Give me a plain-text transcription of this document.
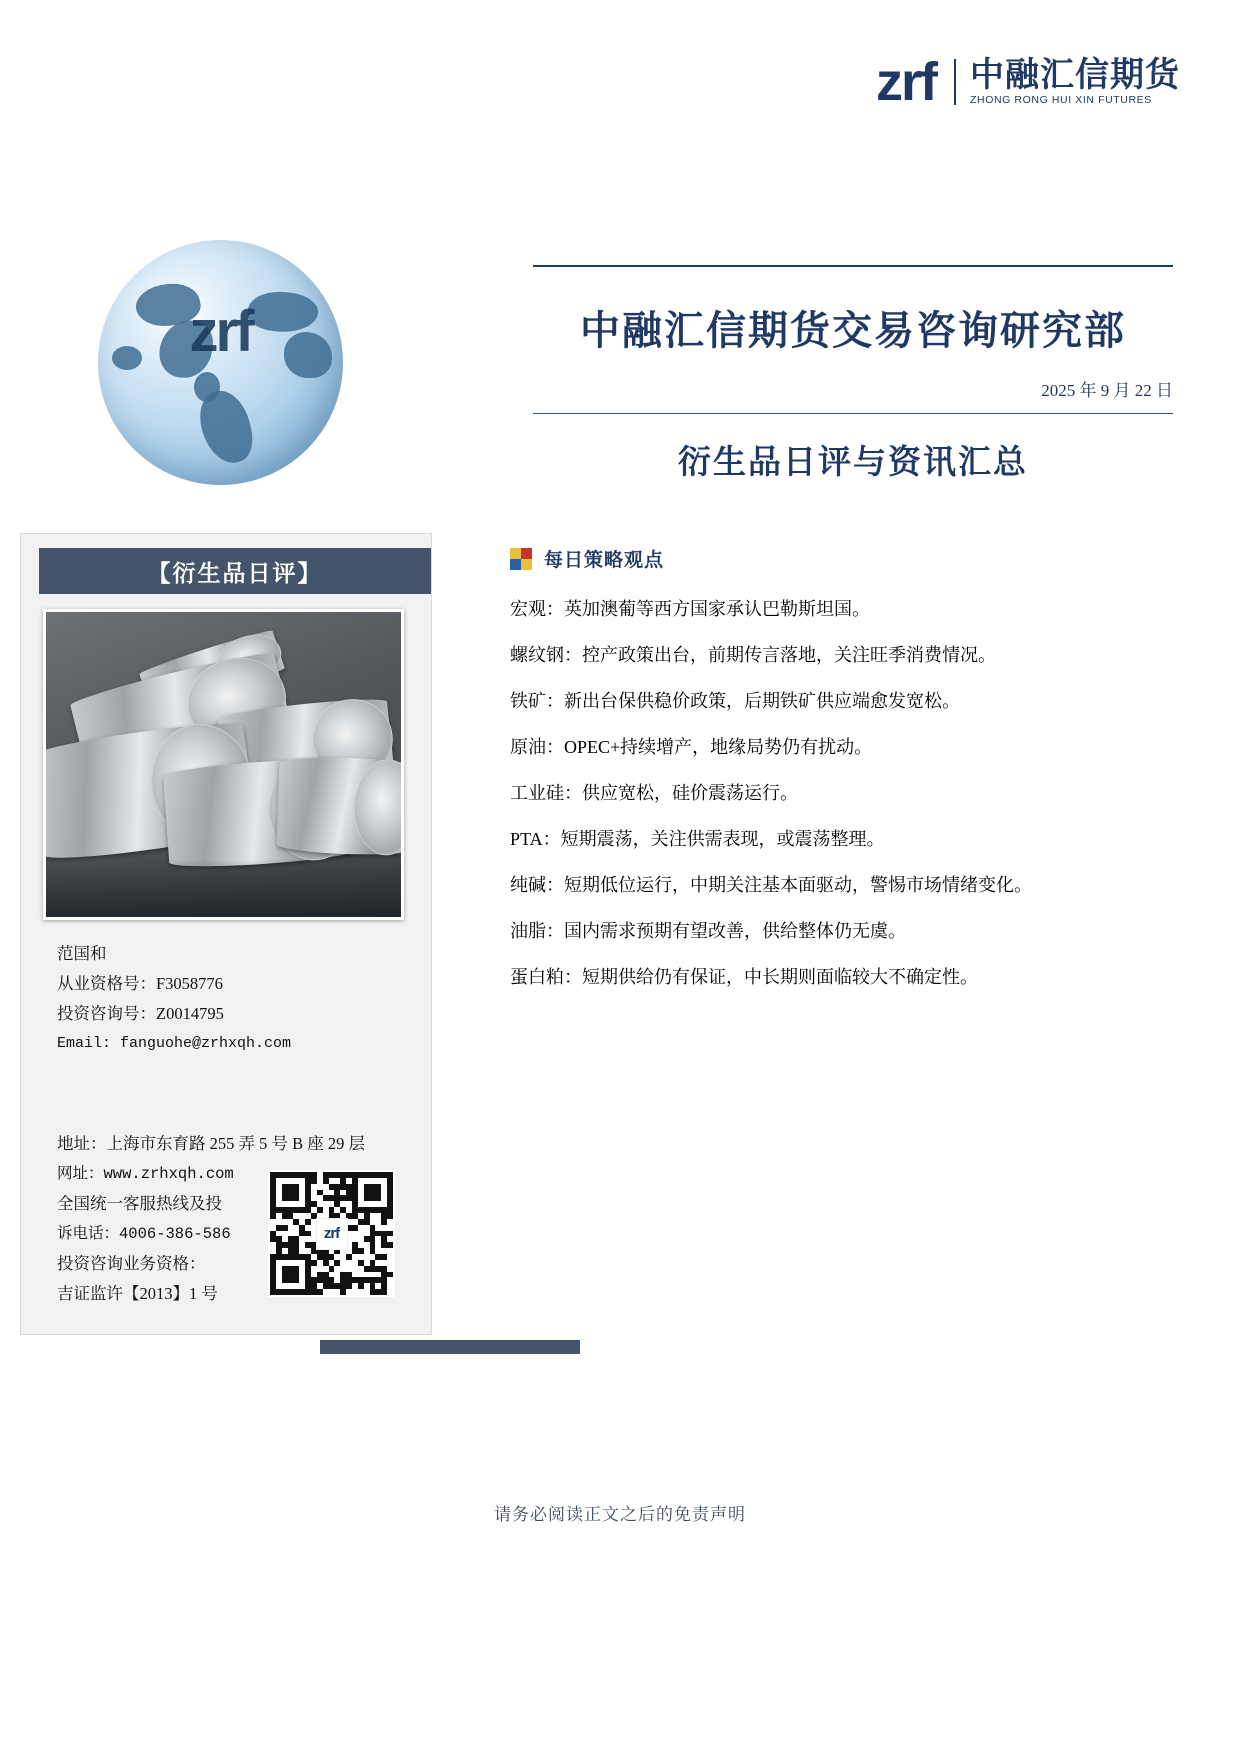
zrf 中融汇信期货
ZHONG RONG HUI XIN FUTURES
zrf	中融汇信期货交易咨询研究部
2025 年 9 月 22 日
衍生品日评与资讯汇总
【衍生品日评】
范国和
从业资格号：F3058776
投资咨询号：Z0014795
Email: fanguohe@zrhxqh.com
地址：上海市东育路 255 弄 5 号 B 座 29 层
网址：www.zrhxqh.com
全国统一客服热线及投
诉电话：4006-386-586
投资咨询业务资格：
吉证监许【2013】1 号
zrf
每日策略观点

宏观：英加澳葡等西方国家承认巴勒斯坦国。

螺纹钢：控产政策出台，前期传言落地，关注旺季消费情况。

铁矿：新出台保供稳价政策，后期铁矿供应端愈发宽松。

原油：OPEC+持续增产，地缘局势仍有扰动。

工业硅：供应宽松，硅价震荡运行。

PTA：短期震荡，关注供需表现，或震荡整理。

纯碱：短期低位运行，中期关注基本面驱动，警惕市场情绪变化。

油脂：国内需求预期有望改善，供给整体仍无虞。

蛋白粕：短期供给仍有保证，中长期则面临较大不确定性。

请务必阅读正文之后的免责声明
